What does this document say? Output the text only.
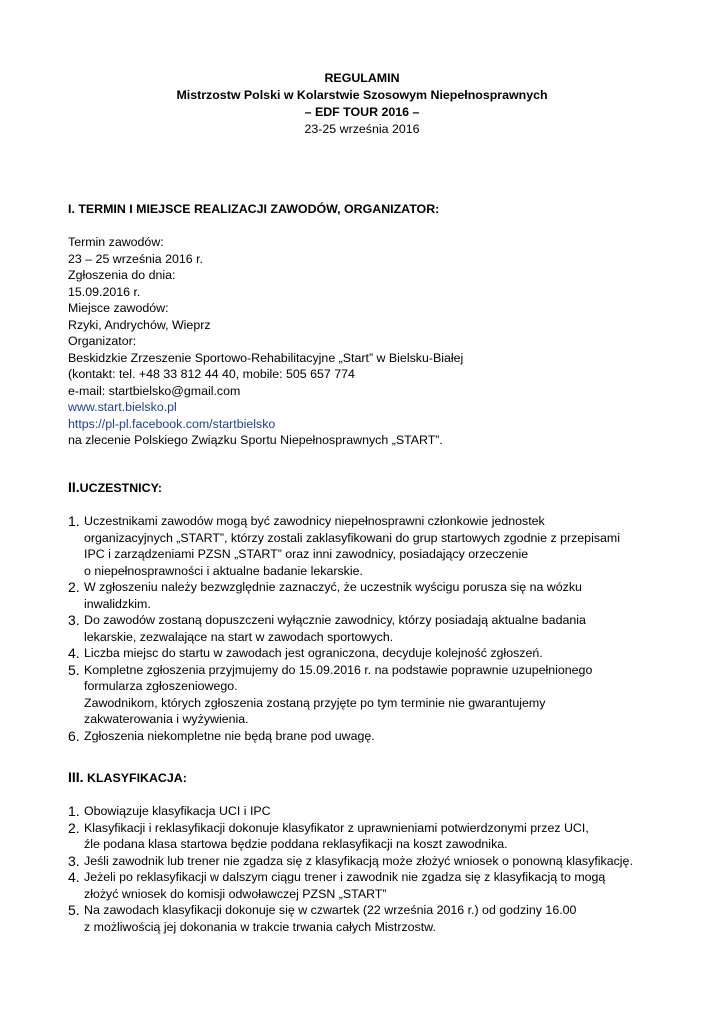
REGULAMIN
Mistrzostw Polski w Kolarstwie Szosowym Niepełnosprawnych
– EDF TOUR 2016 –
23-25 września 2016
I. TERMIN I MIEJSCE REALIZACJI ZAWODÓW, ORGANIZATOR:
Termin zawodów:
23 – 25 września 2016 r.
Zgłoszenia do dnia:
15.09.2016 r.
Miejsce zawodów:
Rzyki, Andrychów, Wieprz
Organizator:
Beskidzkie Zrzeszenie Sportowo-Rehabilitacyjne „Start” w Bielsku-Białej
(kontakt: tel. +48 33 812 44 40, mobile: 505 657 774
e-mail: startbielsko@gmail.com
www.start.bielsko.pl
https://pl-pl.facebook.com/startbielsko
na zlecenie Polskiego Związku Sportu Niepełnosprawnych „START”.
II.UCZESTNICY:
1. Uczestnikami zawodów mogą być zawodnicy niepełnosprawni członkowie jednostek
organizacyjnych „START”, którzy zostali zaklasyfikowani do grup startowych zgodnie z przepisami
IPC i zarządzeniami PZSN „START” oraz inni zawodnicy, posiadający orzeczenie
o niepełnosprawności i aktualne badanie lekarskie.
2. W zgłoszeniu należy bezwzględnie zaznaczyć, że uczestnik wyścigu porusza się na wózku
inwalidzkim.
3. Do zawodów zostaną dopuszczeni wyłącznie zawodnicy, którzy posiadają aktualne badania
lekarskie, zezwalające na start w zawodach sportowych.
4. Liczba miejsc do startu w zawodach jest ograniczona, decyduje kolejność zgłoszeń.
5. Kompletne zgłoszenia przyjmujemy do 15.09.2016 r. na podstawie poprawnie uzupełnionego
formularza zgłoszeniowego.
Zawodnikom, których zgłoszenia zostaną przyjęte po tym terminie nie gwarantujemy
zakwaterowania i wyżywienia.
6. Zgłoszenia niekompletne nie będą brane pod uwagę.
III. KLASYFIKACJA:
1. Obowiązuje klasyfikacja UCI i IPC
2. Klasyfikacji i reklasyfikacji dokonuje klasyfikator z uprawnieniami potwierdzonymi przez UCI,
źle podana klasa startowa będzie poddana reklasyfikacji na koszt zawodnika.
3. Jeśli zawodnik lub trener nie zgadza się z klasyfikacją może złożyć wniosek o ponowną klasyfikację.
4. Jeżeli po reklasyfikacji w dalszym ciągu trener i zawodnik nie zgadza się z klasyfikacją to mogą
złożyć wniosek do komisji odwoławczej PZSN „START”
5. Na zawodach klasyfikacji dokonuje się w czwartek (22 września 2016 r.) od godziny 16.00
z możliwością jej dokonania w trakcie trwania całych Mistrzostw.
